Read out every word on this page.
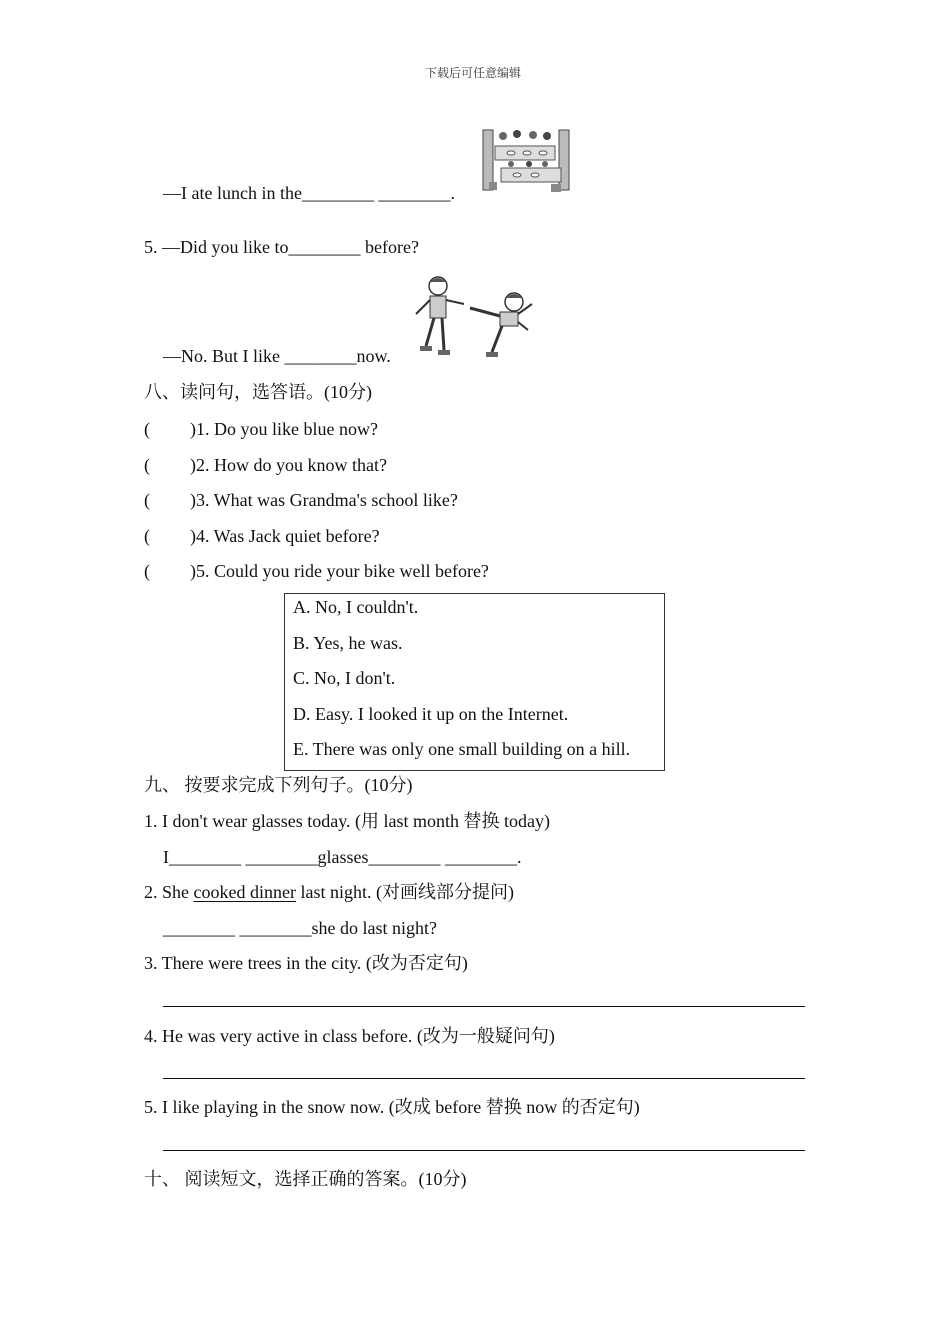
下载后可任意编辑
—I ate lunch in the________ ________.
5. —Did you like to________ before?
—No. But I like ________now.
八、读问句，选答语。(10分)
( )1. Do you like blue now?
( )2. How do you know that?
( )3. What was Grandma's school like?
( )4. Was Jack quiet before?
( )5. Could you ride your bike well before?
A. No, I couldn't.
B. Yes, he was.
C. No, I don't.
D. Easy. I looked it up on the Internet.
E. There was only one small building on a hill.
九、 按要求完成下列句子。(10分)
1. I don't wear glasses today. (用 last month 替换 today)
I________ ________glasses________ ________.
2. She cooked dinner last night. (对画线部分提问)
________ ________she do last night?
3. There were trees in the city. (改为否定句)
4. He was very active in class before. (改为一般疑问句)
5. I like playing in the snow now. (改成 before 替换 now 的否定句)
十、 阅读短文，选择正确的答案。(10分)
